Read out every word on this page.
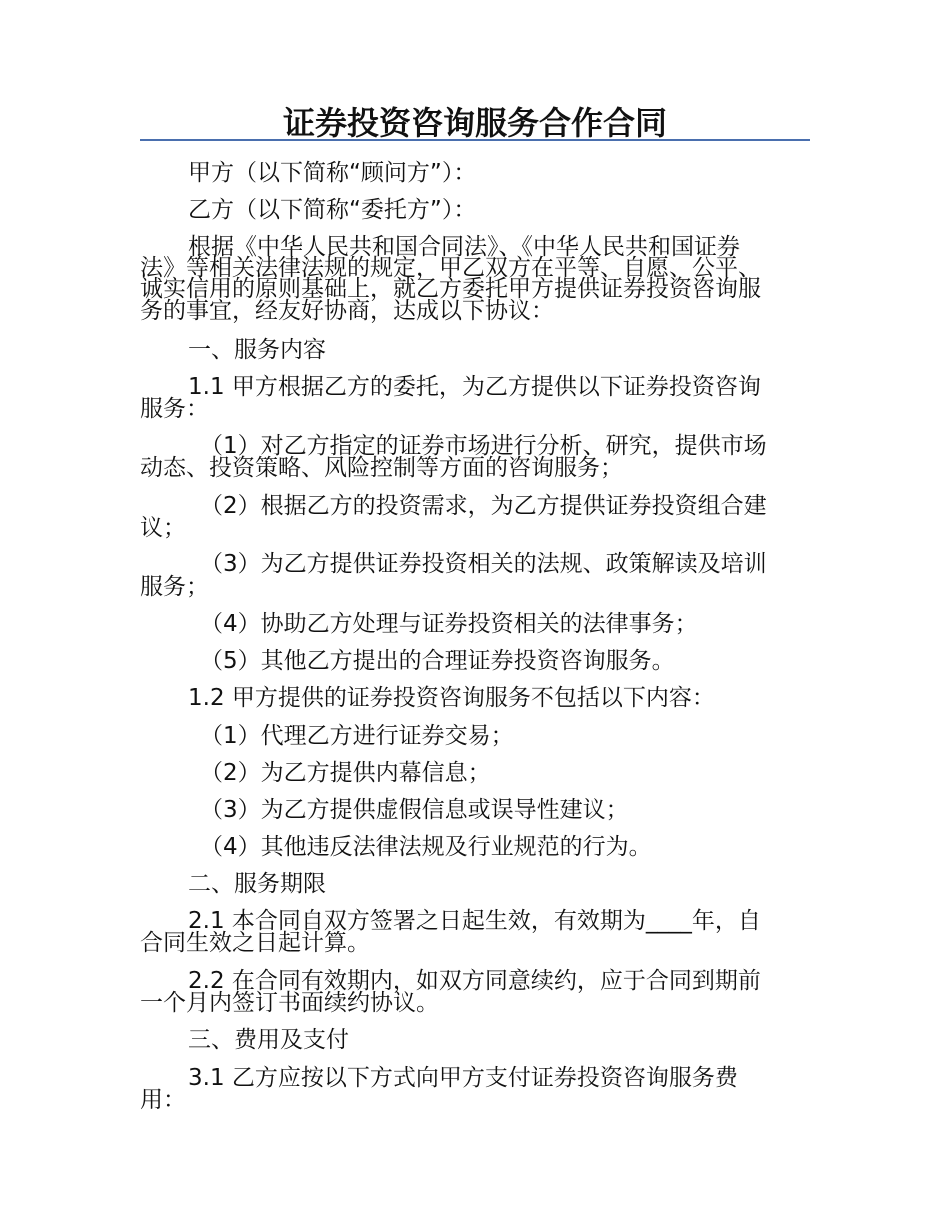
证券投资咨询服务合作合同
甲方（以下简称“顾问方”）：
乙方（以下简称“委托方”）：
根据《中华人民共和国合同法》、《中华人民共和国证券
法》等相关法律法规的规定，甲乙双方在平等、自愿、公平、
诚实信用的原则基础上，就乙方委托甲方提供证券投资咨询服
务的事宜，经友好协商，达成以下协议：
一、服务内容
1.1 甲方根据乙方的委托，为乙方提供以下证券投资咨询
服务：
（1）对乙方指定的证券市场进行分析、研究，提供市场
动态、投资策略、风险控制等方面的咨询服务；
（2）根据乙方的投资需求，为乙方提供证券投资组合建
议；
（3）为乙方提供证券投资相关的法规、政策解读及培训
服务；
（4）协助乙方处理与证券投资相关的法律事务；
（5）其他乙方提出的合理证券投资咨询服务。
1.2 甲方提供的证券投资咨询服务不包括以下内容：
（1）代理乙方进行证券交易；
（2）为乙方提供内幕信息；
（3）为乙方提供虚假信息或误导性建议；
（4）其他违反法律法规及行业规范的行为。
二、服务期限
2.1 本合同自双方签署之日起生效，有效期为____年，自
合同生效之日起计算。
2.2 在合同有效期内，如双方同意续约，应于合同到期前
一个月内签订书面续约协议。
三、费用及支付
3.1 乙方应按以下方式向甲方支付证券投资咨询服务费
用：
